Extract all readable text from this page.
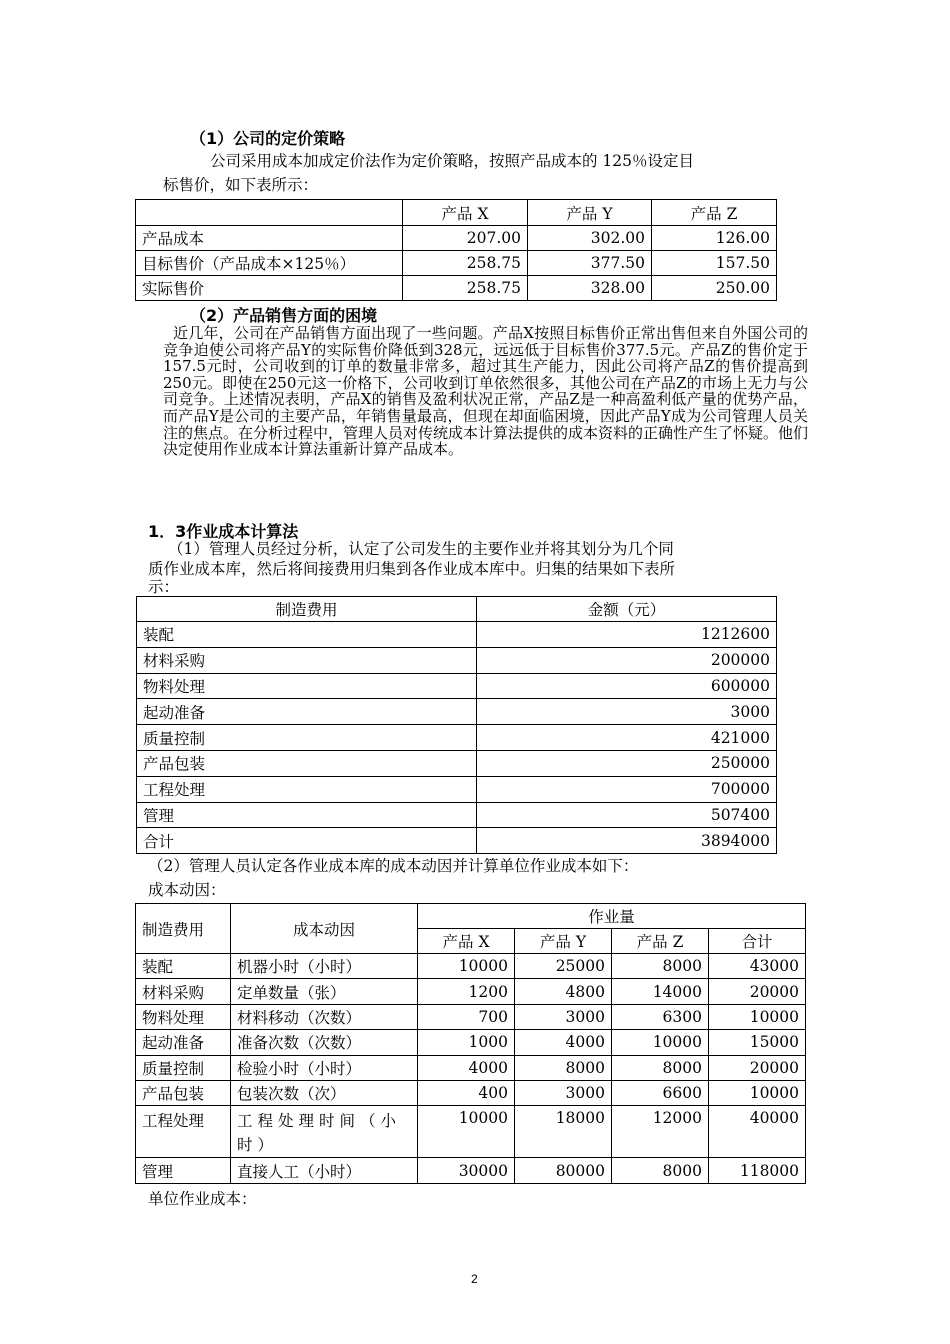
（1）公司的定价策略
公司采用成本加成定价法作为定价策略，按照产品成本的 125％设定目
标售价，如下表所示：
	产品 X	产品 Y	产品 Z
产品成本	207.00	302.00	126.00
目标售价（产品成本×125％）	258.75	377.50	157.50
实际售价	258.75	328.00	250.00
（2）产品销售方面的困境
近几年，公司在产品销售方面出现了一些问题。产品X按照目标售价正常出售但来自外国公司的竞争迫使公司将产品Y的实际售价降低到328元，远远低于目标售价377.5元。产品Z的售价定于157.5元时，公司收到的订单的数量非常多，超过其生产能力，因此公司将产品Z的售价提高到250元。即使在250元这一价格下，公司收到订单依然很多，其他公司在产品Z的市场上无力与公司竞争。上述情况表明，产品X的销售及盈利状况正常，产品Z是一种高盈利低产量的优势产品，而产品Y是公司的主要产品，年销售量最高，但现在却面临困境，因此产品Y成为公司管理人员关注的焦点。在分析过程中，管理人员对传统成本计算法提供的成本资料的正确性产生了怀疑。他们决定使用作业成本计算法重新计算产品成本。
1．3作业成本计算法
（1）管理人员经过分析，认定了公司发生的主要作业并将其划分为几个同
质作业成本库，然后将间接费用归集到各作业成本库中。归集的结果如下表所
示：
制造费用	金额（元）
装配	1212600
材料采购	200000
物料处理	600000
起动准备	3000
质量控制	421000
产品包装	250000
工程处理	700000
管理	507400
合计	3894000
（2）管理人员认定各作业成本库的成本动因并计算单位作业成本如下：
成本动因：
制造费用	成本动因	作业量			
		产品 X	产品 Y	产品 Z	合计
装配	机器小时（小时）	10000	25000	8000	43000
材料采购	定单数量（张）	1200	4800	14000	20000
物料处理	材料移动（次数）	700	3000	6300	10000
起动准备	准备次数（次数）	1000	4000	10000	15000
质量控制	检验小时（小时）	4000	8000	8000	20000
产品包装	包装次数（次）	400	3000	6600	10000
工程处理	工程处理时间（小时）	10000	18000	12000	40000
管理	直接人工（小时）	30000	80000	8000	118000
单位作业成本：
2
